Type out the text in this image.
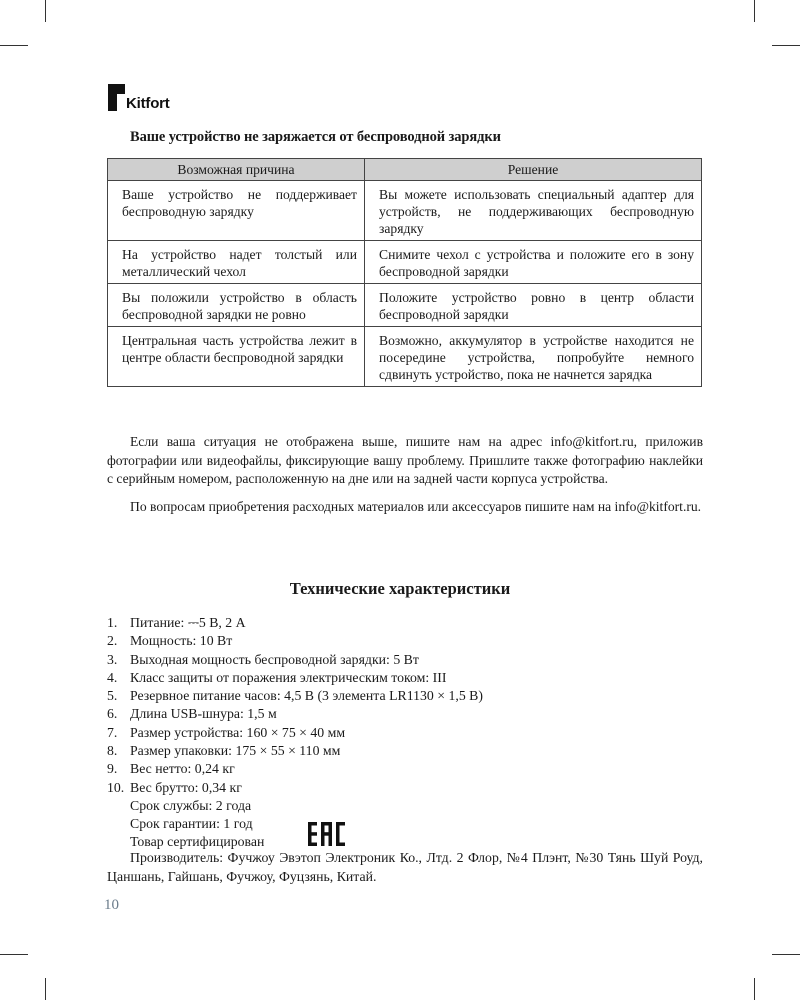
Kitfort
Ваше устройство не заряжается от беспроводной зарядки
Возможная причина	Решение
Ваше устройство не поддерживает беспроводную зарядку	Вы можете использовать специальный адаптер для устройств, не поддерживающих беспроводную зарядку
На устройство надет толстый или металлический чехол	Снимите чехол с устройства и положите его в зону беспроводной зарядки
Вы положили устройство в область беспроводной зарядки не ровно	Положите устройство ровно в центр области беспроводной зарядки
Центральная часть устройства лежит в центре области беспроводной зарядки	Возможно, аккумулятор в устройстве находится не посередине устройства, попробуйте немного сдвинуть устройство, пока не начнется зарядка
Если ваша ситуация не отображена выше, пишите нам на адрес info@kitfort.ru, приложив фотографии или видеофайлы, фиксирующие вашу проблему. Пришлите также фотографию наклейки с серийным номером, расположенную на дне или на задней части корпуса устройства.
По вопросам приобретения расходных материалов или аксессуаров пишите нам на info@kitfort.ru.
Технические характеристики
1. Питание: ⎓5 В, 2 А
2. Мощность: 10 Вт
3. Выходная мощность беспроводной зарядки: 5 Вт
4. Класс защиты от поражения электрическим током: III
5. Резервное питание часов: 4,5 В (3 элемента LR1130 × 1,5 В)
6. Длина USB-шнура: 1,5 м
7. Размер устройства: 160 × 75 × 40 мм
8. Размер упаковки: 175 × 55 × 110 мм
9. Вес нетто: 0,24 кг
10. Вес брутто: 0,34 кг
Срок службы: 2 года
Срок гарантии: 1 год
Товар сертифицирован
Производитель: Фучжоу Эвэтоп Электроник Ко., Лтд. 2 Флор, №4 Плэнт, №30 Тянь Шуй Роуд, Цаншань, Гайшань, Фучжоу, Фуцзянь, Китай.
10
